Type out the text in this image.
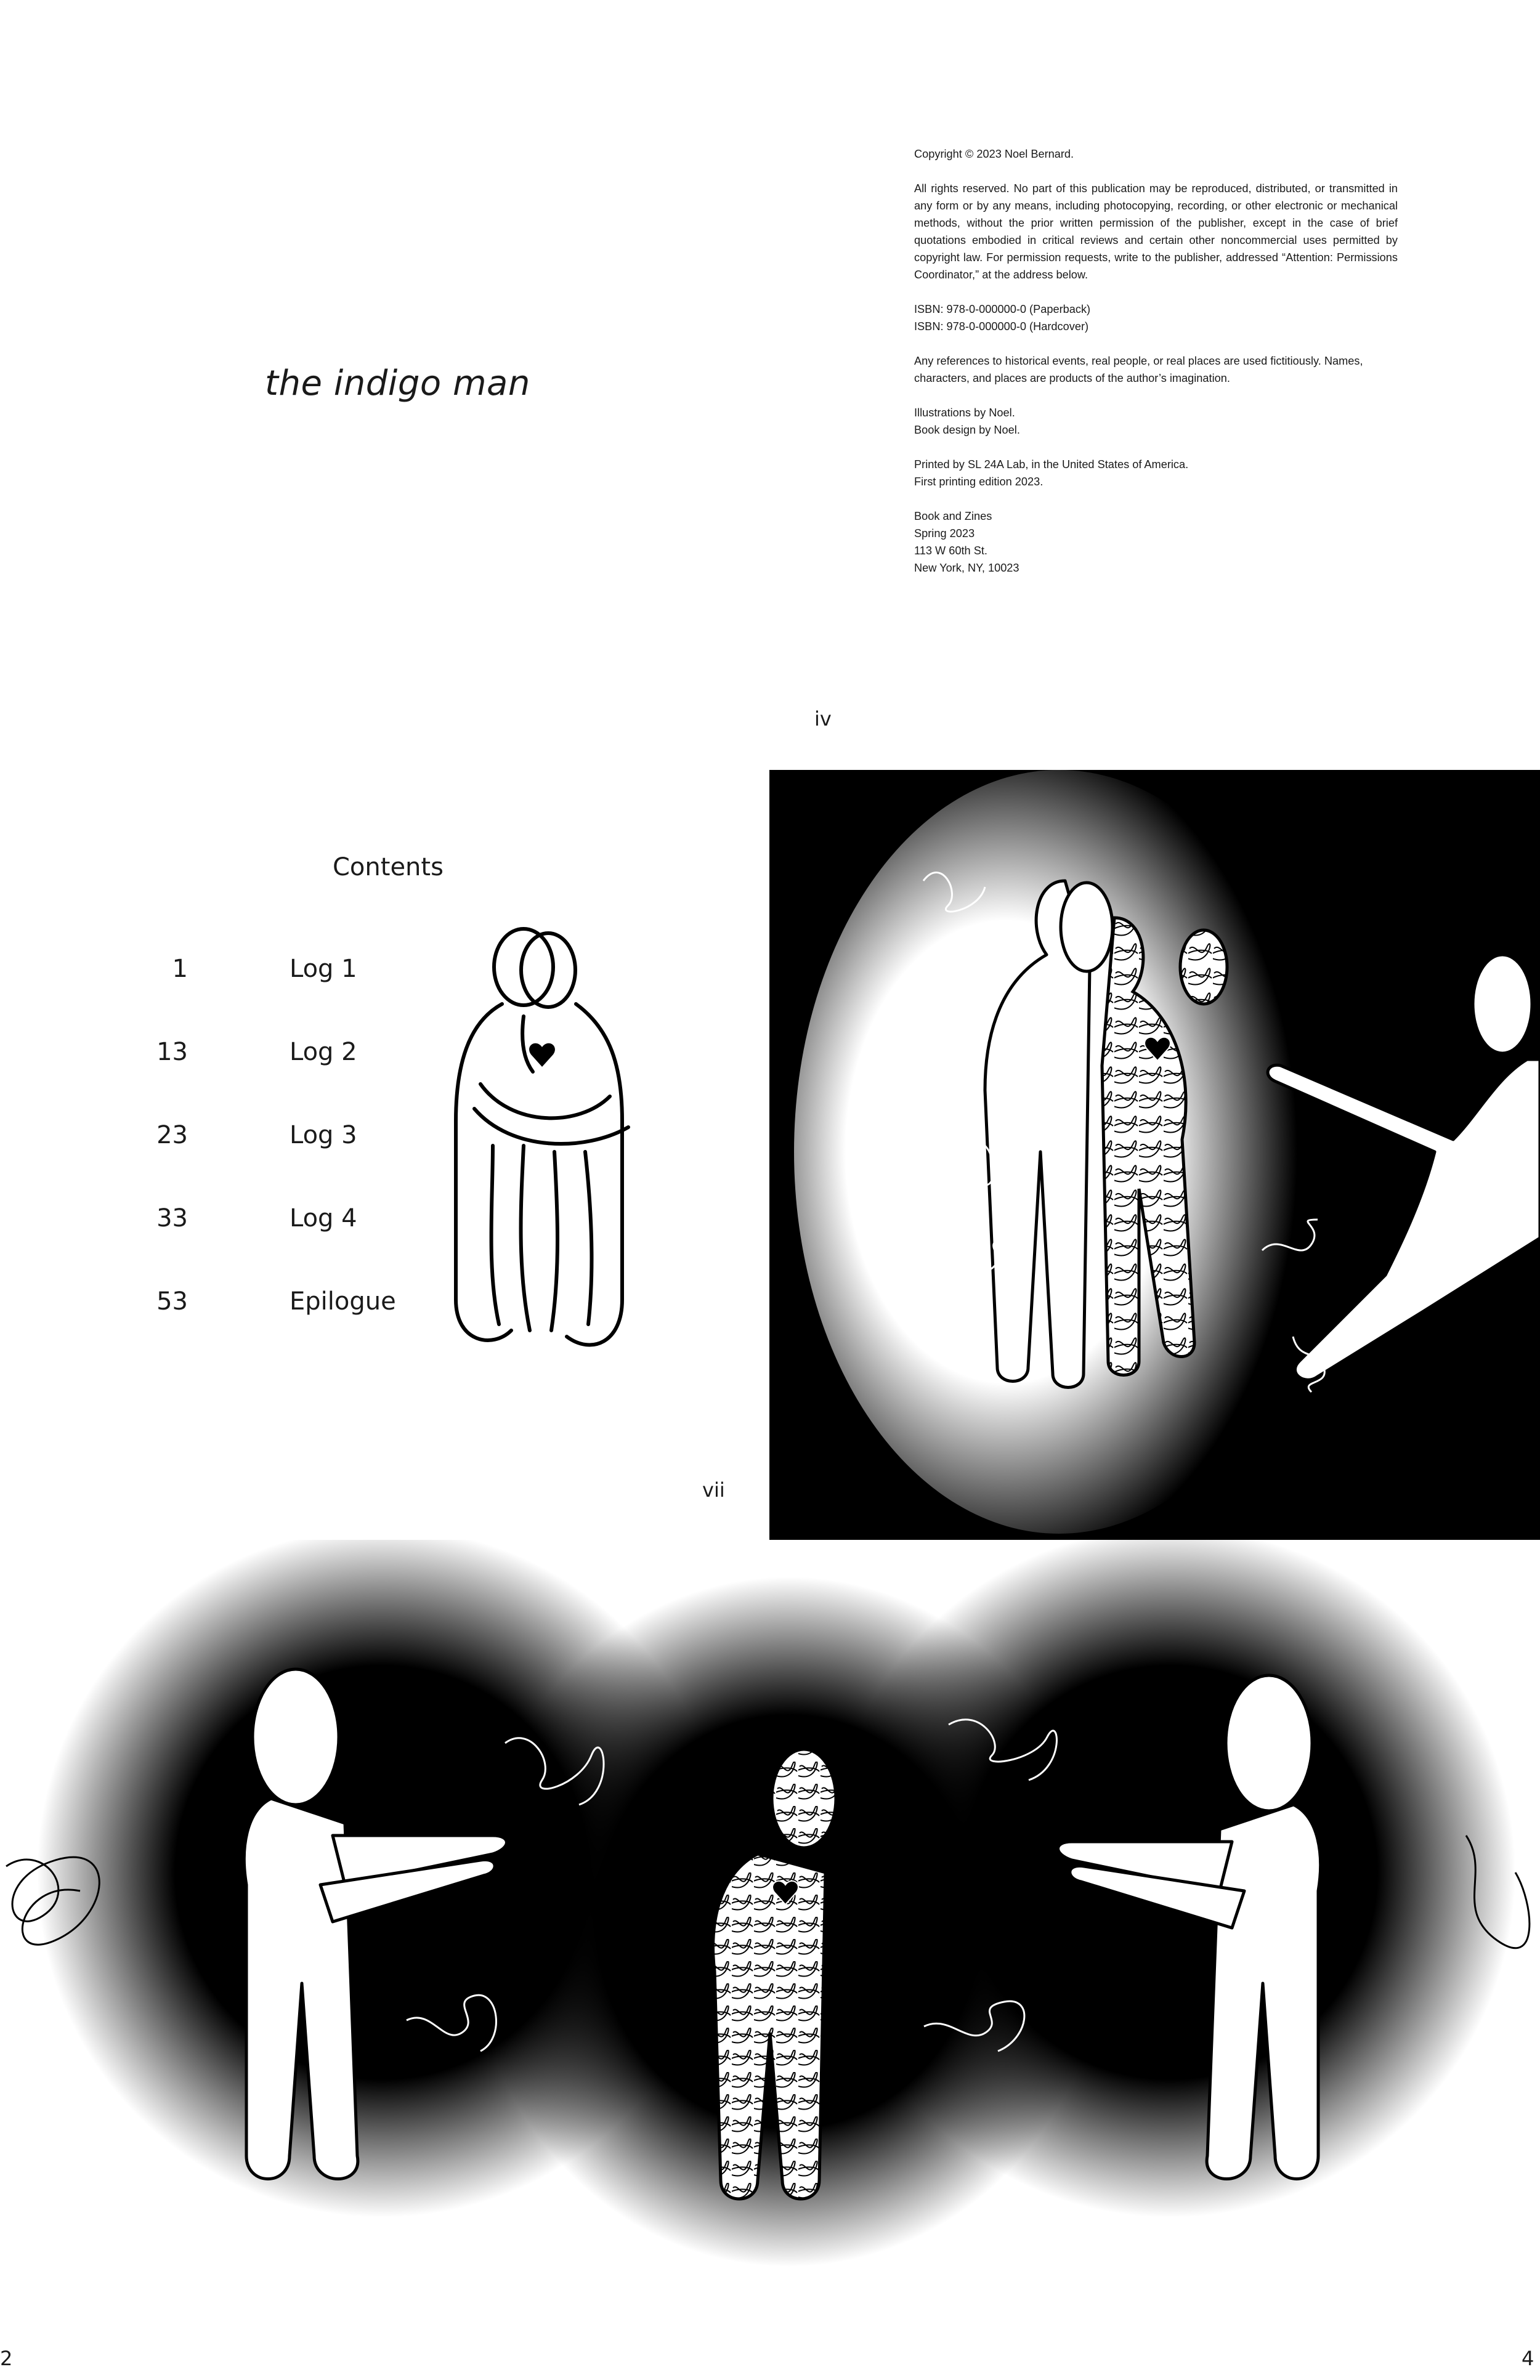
the indigo man

Copyright © 2023 Noel Bernard.

All rights reserved. No part of this publication may be reproduced, distributed, or transmitted in any form or by any means, including photocopying, recording, or other electronic or mechanical methods, without the prior written permission of the publisher, except in the case of brief quotations embodied in critical reviews and certain other noncommercial uses permitted by copyright law. For permission requests, write to the publisher, addressed “Attention: Permissions Coordinator,” at the address below.

ISBN: 978-0-000000-0 (Paperback)
ISBN: 978-0-000000-0 (Hardcover)

Any references to historical events, real people, or real places are used fictitiously. Names, characters, and places are products of the author’s imagination.

Illustrations by Noel.
Book design by Noel.

Printed by SL 24A Lab, in the United States of America.
First printing edition 2023.

Book and Zines
Spring 2023
113 W 60th St.
New York, NY, 10023

iv
Contents
1	Log 1
13	Log 2
23	Log 3
33	Log 4
53	Epilogue
vii
2	4
